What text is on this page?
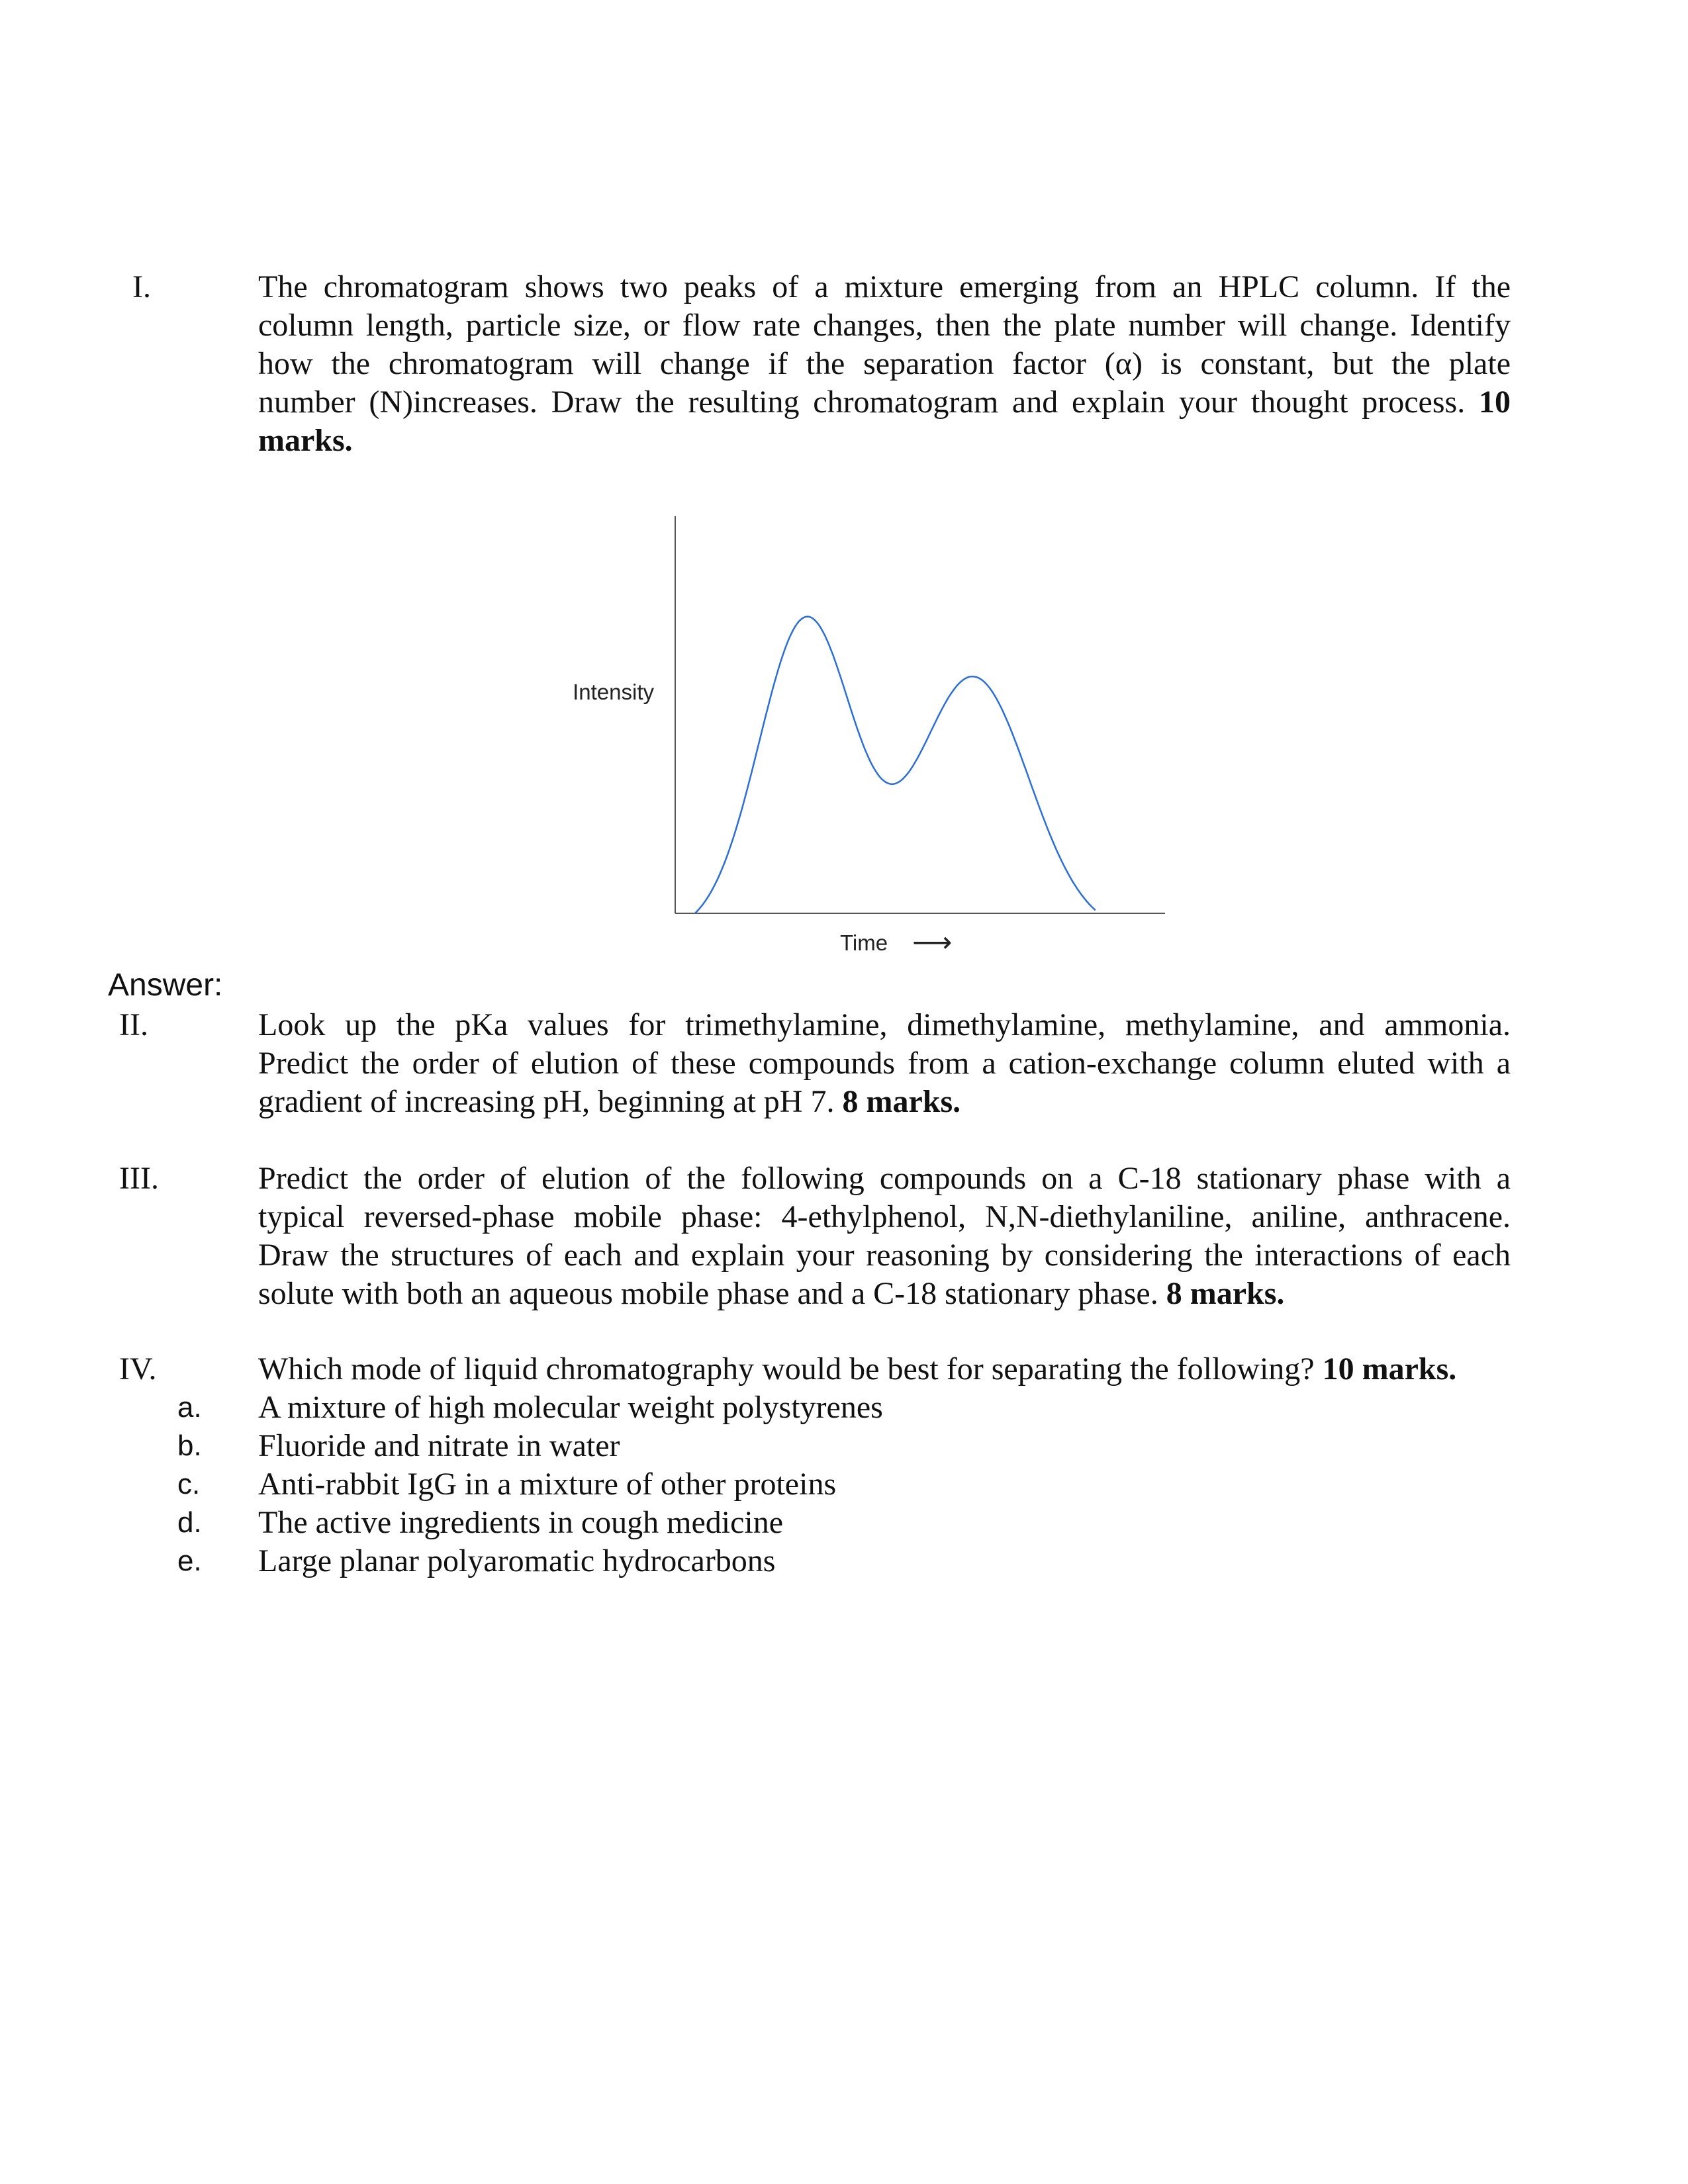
I.	The chromatogram shows two peaks of a mixture emerging from an HPLC column. If the
column length, particle size, or flow rate changes, then the plate number will change. Identify
how the chromatogram will change if the separation factor (α) is constant, but the plate
number (N)increases. Draw the resulting chromatogram and explain your thought process. 10
marks.
Intensity
Time ⟶
Answer:
II.	Look up the pKa values for trimethylamine, dimethylamine, methylamine, and ammonia.
Predict the order of elution of these compounds from a cation-exchange column eluted with a
gradient of increasing pH, beginning at pH 7. 8 marks.
III.	Predict the order of elution of the following compounds on a C-18 stationary phase with a
typical reversed-phase mobile phase: 4-ethylphenol, N,N-diethylaniline, aniline, anthracene.
Draw the structures of each and explain your reasoning by considering the interactions of each
solute with both an aqueous mobile phase and a C-18 stationary phase. 8 marks.
IV.	Which mode of liquid chromatography would be best for separating the following? 10 marks.
a. A mixture of high molecular weight polystyrenes
b. Fluoride and nitrate in water
c. Anti-rabbit IgG in a mixture of other proteins
d. The active ingredients in cough medicine
e. Large planar polyaromatic hydrocarbons
